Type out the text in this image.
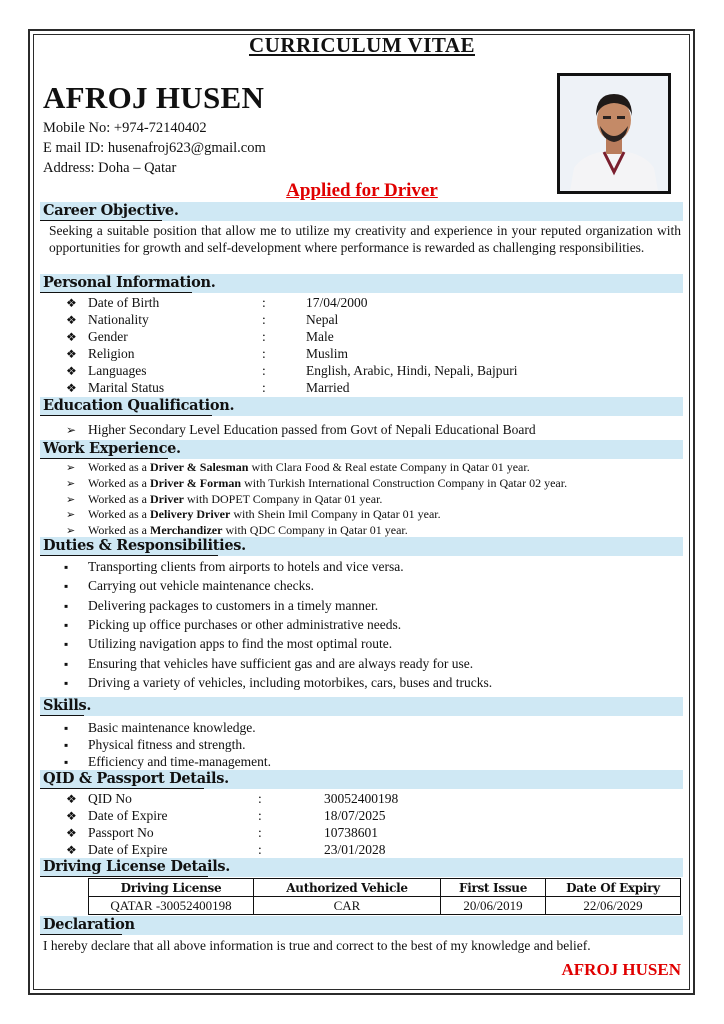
CURRICULUM VITAE
AFROJ HUSEN
Mobile No: +974-72140402
E mail ID: husenafroj623@gmail.com
Address: Doha – Qatar
Applied for Driver
Career Objective.
Seeking a suitable position that allow me to utilize my creativity and experience in your reputed organization with opportunities for growth and self-development where performance is rewarded as challenging responsibilities.
Personal Information.
❖ Date of Birth	:	17/04/2000
❖ Nationality	:	Nepal
❖ Gender	:	Male
❖ Religion	:	Muslim
❖ Languages	:	English, Arabic, Hindi, Nepali, Bajpuri
❖ Marital Status	:	Married
Education Qualification.
➢ Higher Secondary Level Education passed from Govt of Nepali Educational Board
Work Experience.
➢ Worked as a Driver & Salesman with Clara Food & Real estate Company in Qatar 01 year.
➢ Worked as a Driver & Forman with Turkish International Construction Company in Qatar 02 year.
➢ Worked as a Driver with DOPET Company in Qatar 01 year.
➢ Worked as a Delivery Driver with Shein Imil Company in Qatar 01 year.
➢ Worked as a Merchandizer with QDC Company in Qatar 01 year.
Duties & Responsibilities.
▪ Transporting clients from airports to hotels and vice versa.
▪ Carrying out vehicle maintenance checks.
▪ Delivering packages to customers in a timely manner.
▪ Picking up office purchases or other administrative needs.
▪ Utilizing navigation apps to find the most optimal route.
▪ Ensuring that vehicles have sufficient gas and are always ready for use.
▪ Driving a variety of vehicles, including motorbikes, cars, buses and trucks.
Skills.
▪ Basic maintenance knowledge.
▪ Physical fitness and strength.
▪ Efficiency and time-management.
QID & Passport Details.
❖ QID No	:	30052400198
❖ Date of Expire	:	18/07/2025
❖ Passport No	:	10738601
❖ Date of Expire	:	23/01/2028
Driving License Details.
Driving License	Authorized Vehicle	First Issue	Date Of Expiry
QATAR -30052400198	CAR	20/06/2019	22/06/2029
Declaration
I hereby declare that all above information is true and correct to the best of my knowledge and belief.
AFROJ HUSEN
